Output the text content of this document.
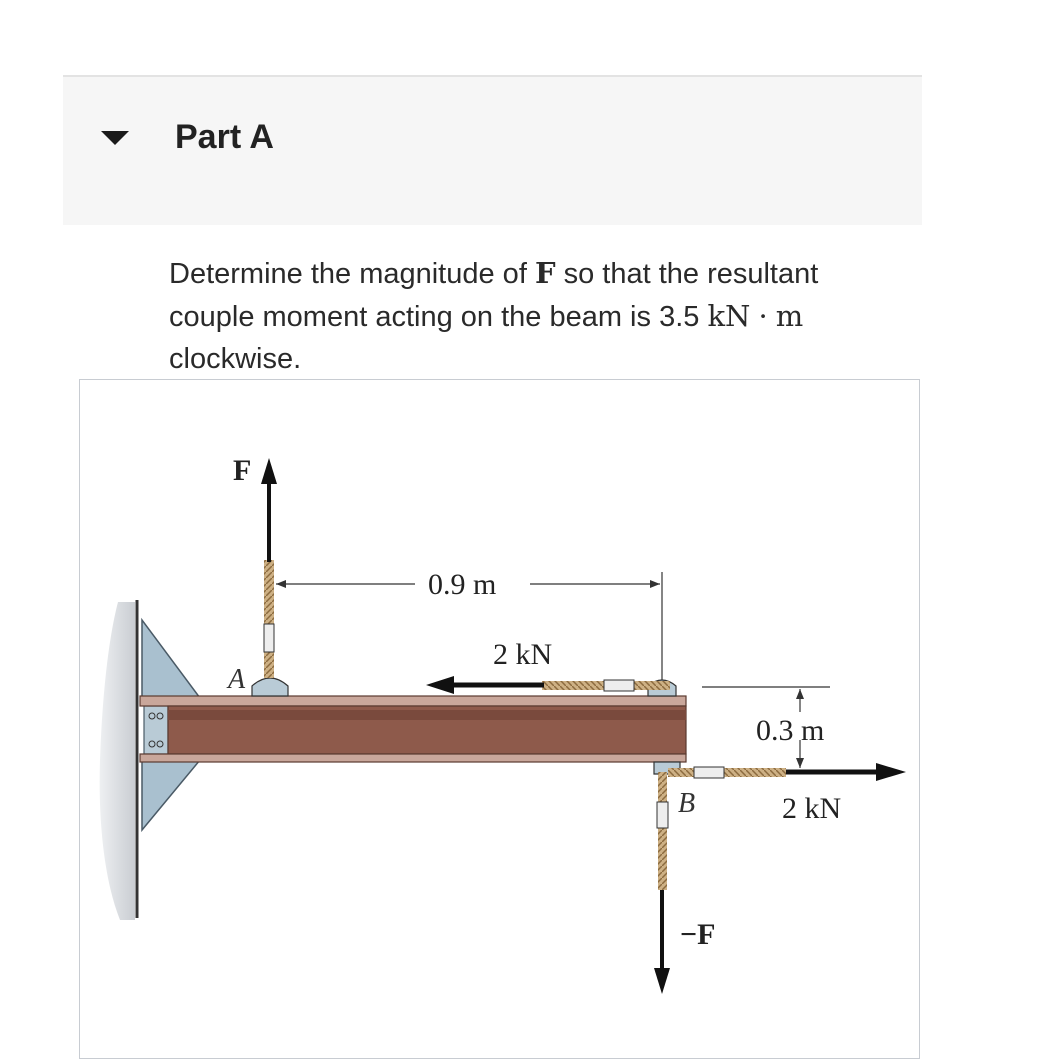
Part A
Determine the magnitude of F so that the resultant couple moment acting on the beam is 3.5 kN · m clockwise.
F
A
0.9 m
2 kN
2 kN
−F
B
0.3 m
